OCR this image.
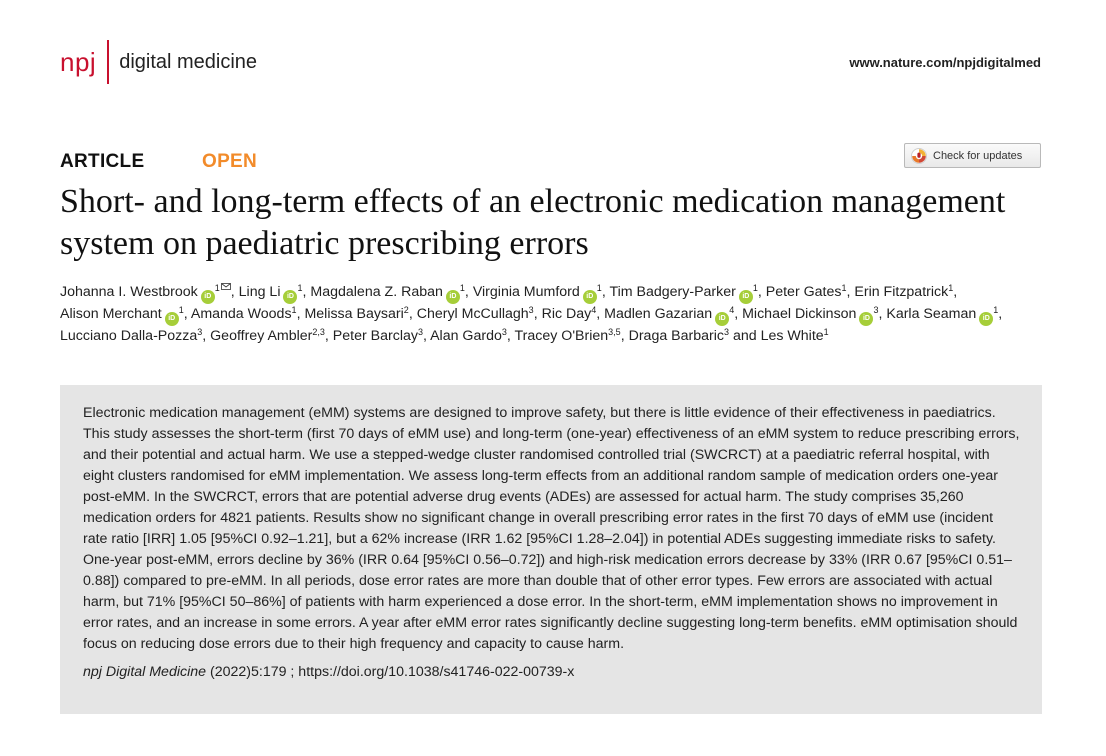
npj digital medicine	www.nature.com/npjdigitalmed
ARTICLE	OPEN	Check for updates
Short- and long-term effects of an electronic medication management system on paediatric prescribing errors
Johanna I. Westbrook $iD^1$ , Ling Li $iD^1$, Magdalena Z. Raban $iD^1$, Virginia Mumford $iD^1$, Tim Badgery-Parker $iD^1$, Peter Gates$^1$, Erin Fitzpatrick$^1$, Alison Merchant $iD^1$, Amanda Woods$^1$, Melissa Baysari$^2$, Cheryl McCullagh$^3$, Ric Day$^4$, Madlen Gazarian $iD^4$, Michael Dickinson $iD^3$, Karla Seaman $iD^1$, Lucciano Dalla-Pozza$^3$, Geoffrey Ambler$^{2,3}$, Peter Barclay$^3$, Alan Gardo$^3$, Tracey O'Brien$^{3,5}$, Draga Barbaric$^3$ and Les White$^1$

Electronic medication management (eMM) systems are designed to improve safety, but there is little evidence of their effectiveness in paediatrics. This study assesses the short-term (first 70 days of eMM use) and long-term (one-year) effectiveness of an eMM system to reduce prescribing errors, and their potential and actual harm. We use a stepped-wedge cluster randomised controlled trial (SWCRCT) at a paediatric referral hospital, with eight clusters randomised for eMM implementation. We assess long-term effects from an additional random sample of medication orders one-year post-eMM. In the SWCRCT, errors that are potential adverse drug events (ADEs) are assessed for actual harm. The study comprises 35,260 medication orders for 4821 patients. Results show no significant change in overall prescribing error rates in the first 70 days of eMM use (incident rate ratio [IRR] 1.05 [95%CI 0.92–1.21], but a 62% increase (IRR 1.62 [95%CI 1.28–2.04]) in potential ADEs suggesting immediate risks to safety. One-year post-eMM, errors decline by 36% (IRR 0.64 [95%CI 0.56–0.72]) and high-risk medication errors decrease by 33% (IRR 0.67 [95%CI 0.51–0.88]) compared to pre-eMM. In all periods, dose error rates are more than double that of other error types. Few errors are associated with actual harm, but 71% [95%CI 50–86%] of patients with harm experienced a dose error. In the short-term, eMM implementation shows no improvement in error rates, and an increase in some errors. A year after eMM error rates significantly decline suggesting long-term benefits. eMM optimisation should focus on reducing dose errors due to their high frequency and capacity to cause harm.

npj Digital Medicine (2022)5:179 ; https://doi.org/10.1038/s41746-022-00739-x
